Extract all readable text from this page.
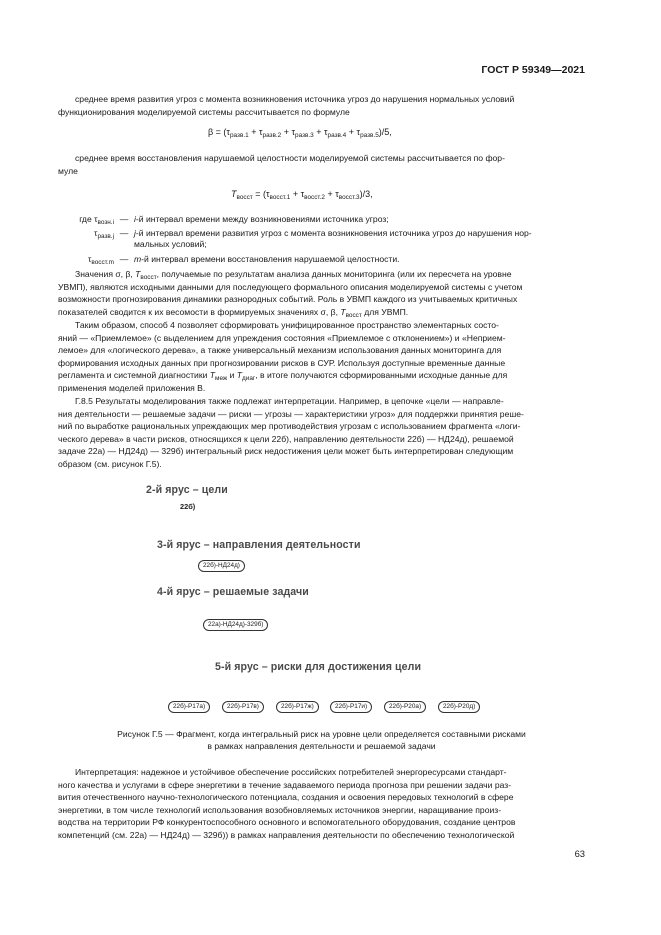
ГОСТ Р 59349—2021
среднее время развития угроз с момента возникновения источника угроз до нарушения нормальных условий
функционирования моделируемой системы рассчитывается по формуле
$\beta = (\tau_{разв.1} + \tau_{разв.2} + \tau_{разв.3} + \tau_{разв.4} + \tau_{разв.5})/5$,
среднее время восстановления нарушаемой целостности моделируемой системы рассчитывается по фор-
муле
$T_{восст} = (\tau_{восст.1} + \tau_{восст.2} + \tau_{восст.3})/3$,
где $\tau_{возн.i}$ — i-й интервал времени между возникновениями источника угроз;
$\tau_{разв.j}$ — j-й интервал времени развития угроз с момента возникновения источника угроз до нарушения нор-
мальных условий;
$\tau_{восст.m}$ — m-й интервал времени восстановления нарушаемой целостности.
Значения σ, β, $T_{восст}$, получаемые по результатам анализа данных мониторинга (или их пересчета на уровне
УВМП), являются исходными данными для последующего формального описания моделируемой системы с учетом
возможности прогнозирования динамики разнородных событий. Роль в УВМП каждого из учитываемых критичных
показателей сводится к их весомости в формируемых значениях σ, β, $T_{восст}$ для УВМП.
Таким образом, способ 4 позволяет сформировать унифицированное пространство элементарных состо-
яний — «Приемлемое» (с выделением для упреждения состояния «Приемлемое с отклонением») и «Неприем-
лемое» для «логического дерева», а также универсальный механизм использования данных мониторинга для
формирования исходных данных при прогнозировании рисков в СУР. Используя доступные временные данные
регламента и системной диагностики $T_{меж}$ и $T_{диаг}$, в итоге получаются сформированными исходные данные для
применения моделей приложения В.
Г.8.5 Результаты моделирования также подлежат интерпретации. Например, в цепочке «цели — направле-
ния деятельности — решаемые задачи — риски — угрозы — характеристики угроз» для поддержки принятия реше-
ний по выработке рациональных упреждающих мер противодействия угрозам с использованием фрагмента «логи-
ческого дерева» в части рисков, относящихся к цели 22б), направлению деятельности 22б) — НД24д), решаемой
задаче 22а) — НД24д) — 329б) интегральный риск недостижения цели может быть интерпретирован следующим
образом (см. рисунок Г.5).
2-й ярус – цели
22б)
3-й ярус – направления деятельности
22б)-НД24д)
4-й ярус – решаемые задачи
22а)-НД24д)-329б)
5-й ярус – риски для достижения цели
22б)-Р17а)	22б)-Р17в)	22б)-Р17ж)	22б)-Р17и)	22б)-Р20а)	22б)-Р20д)
Рисунок Г.5 — Фрагмент, когда интегральный риск на уровне цели определяется составными рисками
в рамках направления деятельности и решаемой задачи
Интерпретация: надежное и устойчивое обеспечение российских потребителей энергоресурсами стандарт-
ного качества и услугами в сфере энергетики в течение задаваемого периода прогноза при решении задачи раз-
вития отечественного научно-технологического потенциала, создания и освоения передовых технологий в сфере
энергетики, в том числе технологий использования возобновляемых источников энергии, наращивание произ-
водства на территории РФ конкурентоспособного основного и вспомогательного оборудования, создание центров
компетенций (см. 22а) — НД24д) — 329б)) в рамках направления деятельности по обеспечению технологической
63
